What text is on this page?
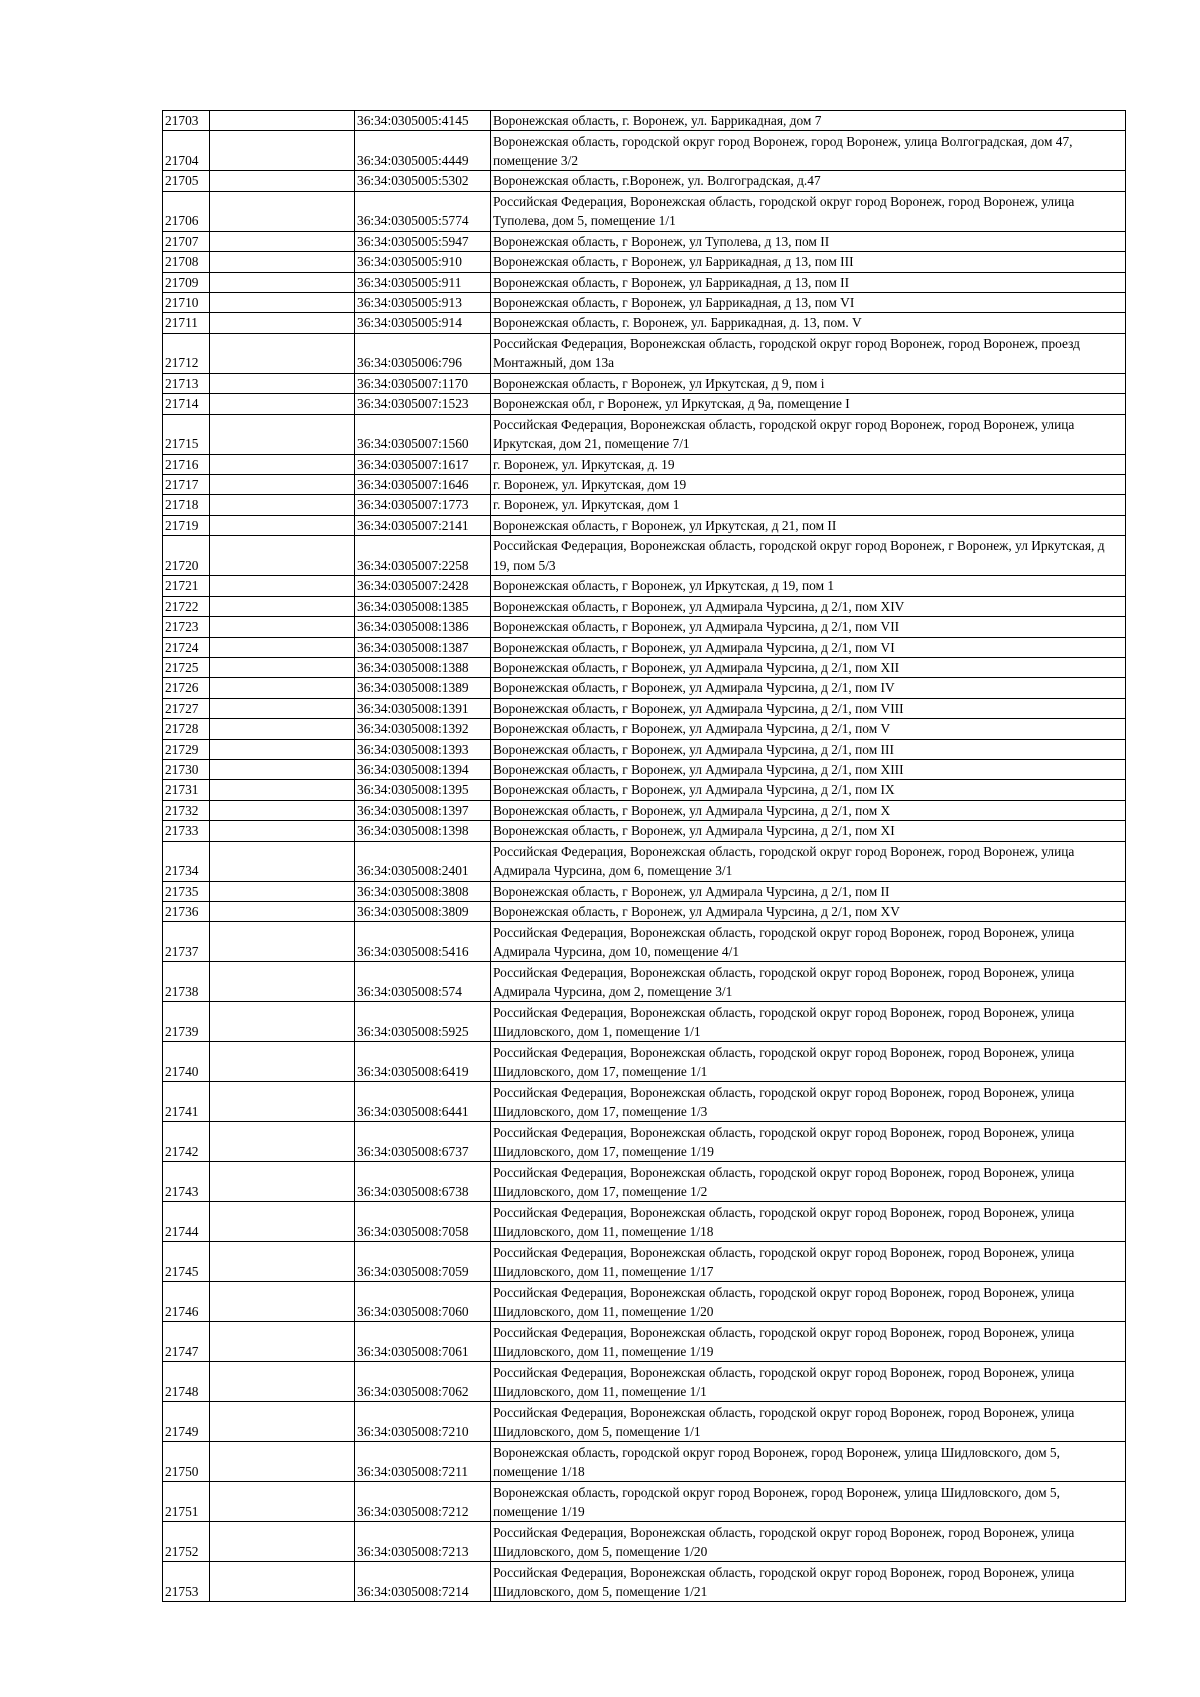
21703		36:34:0305005:4145	Воронежская область, г. Воронеж, ул. Баррикадная, дом 7
21704		36:34:0305005:4449	Воронежская область, городской округ город Воронеж, город Воронеж, улица Волгоградская, дом 47, помещение 3/2
21705		36:34:0305005:5302	Воронежская область, г.Воронеж, ул. Волгоградская, д.47
21706		36:34:0305005:5774	Российская Федерация, Воронежская область, городской округ город Воронеж, город Воронеж, улица Туполева, дом 5, помещение 1/1
21707		36:34:0305005:5947	Воронежская область, г Воронеж, ул Туполева, д 13, пом II
21708		36:34:0305005:910	Воронежская область, г Воронеж, ул Баррикадная, д 13, пом III
21709		36:34:0305005:911	Воронежская область, г Воронеж, ул Баррикадная, д 13, пом II
21710		36:34:0305005:913	Воронежская область, г Воронеж, ул Баррикадная, д 13, пом VI
21711		36:34:0305005:914	Воронежская область, г. Воронеж, ул. Баррикадная, д. 13, пом. V
21712		36:34:0305006:796	Российская Федерация, Воронежская область, городской округ город Воронеж, город Воронеж, проезд Монтажный, дом 13а
21713		36:34:0305007:1170	Воронежская область, г Воронеж, ул Иркутская, д 9, пом i
21714		36:34:0305007:1523	Воронежская обл, г Воронеж, ул Иркутская, д 9а, помещение I
21715		36:34:0305007:1560	Российская Федерация, Воронежская область, городской округ город Воронеж, город Воронеж, улица Иркутская, дом 21, помещение 7/1
21716		36:34:0305007:1617	г. Воронеж, ул. Иркутская, д. 19
21717		36:34:0305007:1646	г. Воронеж, ул. Иркутская, дом 19
21718		36:34:0305007:1773	г. Воронеж, ул. Иркутская, дом 1
21719		36:34:0305007:2141	Воронежская область, г Воронеж, ул Иркутская, д 21, пом II
21720		36:34:0305007:2258	Российская Федерация, Воронежская область, городской округ город Воронеж, г Воронеж, ул Иркутская, д 19, пом 5/3
21721		36:34:0305007:2428	Воронежская область, г Воронеж, ул Иркутская, д 19, пом 1
21722		36:34:0305008:1385	Воронежская область, г Воронеж, ул Адмирала Чурсина, д 2/1, пом XIV
21723		36:34:0305008:1386	Воронежская область, г Воронеж, ул Адмирала Чурсина, д 2/1, пом VII
21724		36:34:0305008:1387	Воронежская область, г Воронеж, ул Адмирала Чурсина, д 2/1, пом VI
21725		36:34:0305008:1388	Воронежская область, г Воронеж, ул Адмирала Чурсина, д 2/1, пом XII
21726		36:34:0305008:1389	Воронежская область, г Воронеж, ул Адмирала Чурсина, д 2/1, пом IV
21727		36:34:0305008:1391	Воронежская область, г Воронеж, ул Адмирала Чурсина, д 2/1, пом VIII
21728		36:34:0305008:1392	Воронежская область, г Воронеж, ул Адмирала Чурсина, д 2/1, пом V
21729		36:34:0305008:1393	Воронежская область, г Воронеж, ул Адмирала Чурсина, д 2/1, пом III
21730		36:34:0305008:1394	Воронежская область, г Воронеж, ул Адмирала Чурсина, д 2/1, пом XIII
21731		36:34:0305008:1395	Воронежская область, г Воронеж, ул Адмирала Чурсина, д 2/1, пом IX
21732		36:34:0305008:1397	Воронежская область, г Воронеж, ул Адмирала Чурсина, д 2/1, пом X
21733		36:34:0305008:1398	Воронежская область, г Воронеж, ул Адмирала Чурсина, д 2/1, пом XI
21734		36:34:0305008:2401	Российская Федерация, Воронежская область, городской округ город Воронеж, город Воронеж, улица Адмирала Чурсина, дом 6, помещение 3/1
21735		36:34:0305008:3808	Воронежская область, г Воронеж, ул Адмирала Чурсина, д 2/1, пом II
21736		36:34:0305008:3809	Воронежская область, г Воронеж, ул Адмирала Чурсина, д 2/1, пом XV
21737		36:34:0305008:5416	Российская Федерация, Воронежская область, городской округ город Воронеж, город Воронеж, улица Адмирала Чурсина, дом 10, помещение 4/1
21738		36:34:0305008:574	Российская Федерация, Воронежская область, городской округ город Воронеж, город Воронеж, улица Адмирала Чурсина, дом 2, помещение 3/1
21739		36:34:0305008:5925	Российская Федерация, Воронежская область, городской округ город Воронеж, город Воронеж, улица Шидловского, дом 1, помещение 1/1
21740		36:34:0305008:6419	Российская Федерация, Воронежская область, городской округ город Воронеж, город Воронеж, улица Шидловского, дом 17, помещение 1/1
21741		36:34:0305008:6441	Российская Федерация, Воронежская область, городской округ город Воронеж, город Воронеж, улица Шидловского, дом 17, помещение 1/3
21742		36:34:0305008:6737	Российская Федерация, Воронежская область, городской округ город Воронеж, город Воронеж, улица Шидловского, дом 17, помещение 1/19
21743		36:34:0305008:6738	Российская Федерация, Воронежская область, городской округ город Воронеж, город Воронеж, улица Шидловского, дом 17, помещение 1/2
21744		36:34:0305008:7058	Российская Федерация, Воронежская область, городской округ город Воронеж, город Воронеж, улица Шидловского, дом 11, помещение 1/18
21745		36:34:0305008:7059	Российская Федерация, Воронежская область, городской округ город Воронеж, город Воронеж, улица Шидловского, дом 11, помещение 1/17
21746		36:34:0305008:7060	Российская Федерация, Воронежская область, городской округ город Воронеж, город Воронеж, улица Шидловского, дом 11, помещение 1/20
21747		36:34:0305008:7061	Российская Федерация, Воронежская область, городской округ город Воронеж, город Воронеж, улица Шидловского, дом 11, помещение 1/19
21748		36:34:0305008:7062	Российская Федерация, Воронежская область, городской округ город Воронеж, город Воронеж, улица Шидловского, дом 11, помещение 1/1
21749		36:34:0305008:7210	Российская Федерация, Воронежская область, городской округ город Воронеж, город Воронеж, улица Шидловского, дом 5, помещение 1/1
21750		36:34:0305008:7211	Воронежская область, городской округ город Воронеж, город Воронеж, улица Шидловского, дом 5, помещение 1/18
21751		36:34:0305008:7212	Воронежская область, городской округ город Воронеж, город Воронеж, улица Шидловского, дом 5, помещение 1/19
21752		36:34:0305008:7213	Российская Федерация, Воронежская область, городской округ город Воронеж, город Воронеж, улица Шидловского, дом 5, помещение 1/20
21753		36:34:0305008:7214	Российская Федерация, Воронежская область, городской округ город Воронеж, город Воронеж, улица Шидловского, дом 5, помещение 1/21
